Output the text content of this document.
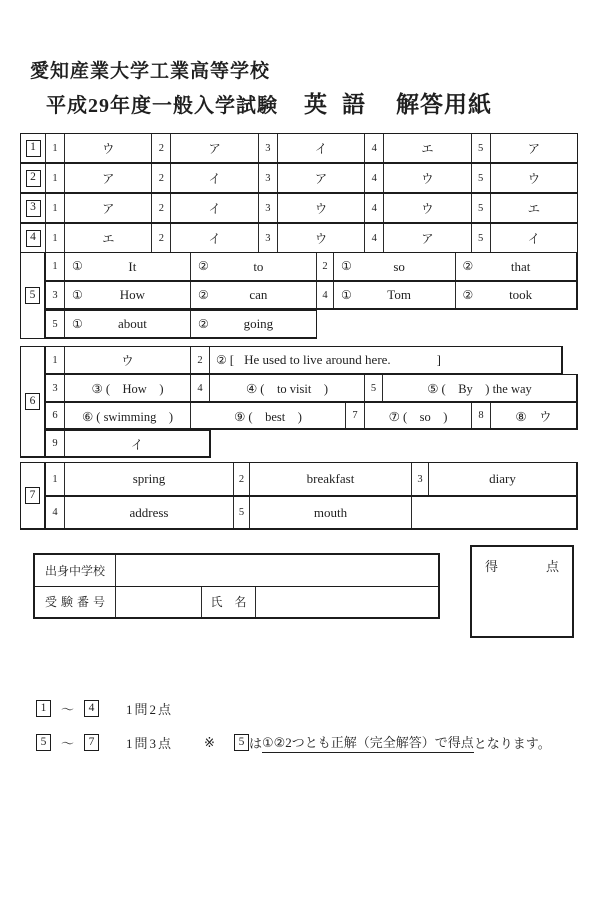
愛知産業大学工業高等学校
平成29年度一般入学試験 英 語 解答用紙
1	1	ウ	2	ア	3	イ	4	エ	5	ア
2	1	ア	2	イ	3	ア	4	ウ	5	ウ
3	1	ア	2	イ	3	ウ	4	ウ	5	エ
4	1	エ	2	イ	3	ウ	4	ア	5	イ
5
1	①	It	②	to	2	①	so	②	that
3	①	How	②	can	4	①	Tom	②	took
5	①	about	②	going
6
1	ウ	2	② [ He used to live around here.	]
3	③ (　How　)	4	④ (　to visit　)	5	⑤ (　By　) the way
6	⑥ ( swimming　)	⑨ (　best　)	7	⑦ (　so　)	8	⑧　ウ
9	イ
7
1	spring	2	breakfast	3	diary
4	address	5	mouth
出身中学校
受験番号	氏　名
得	点
1	～	4	1問2点
5	～	7	1問3点 ※	5 は ①②2つとも正解（完全解答）で得点 となります。
